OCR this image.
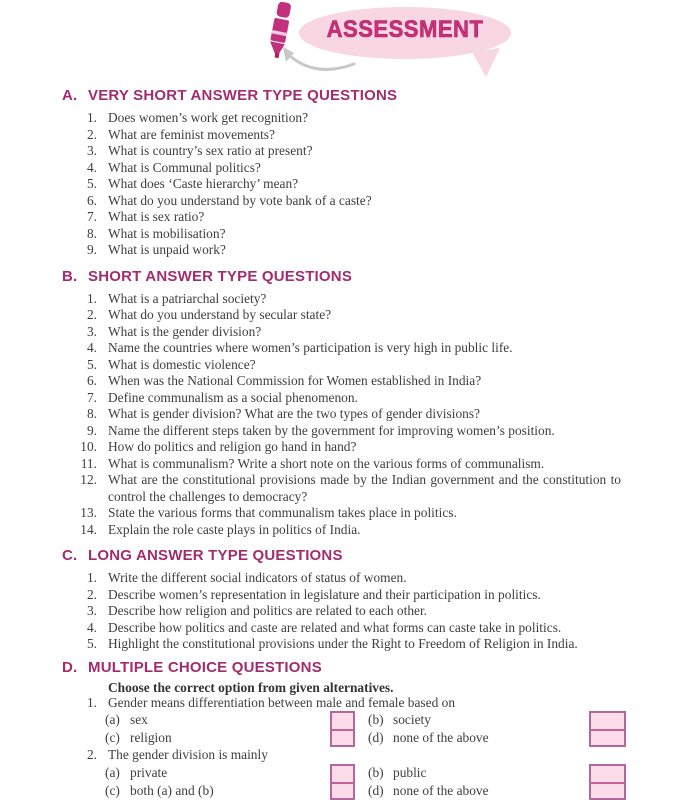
ASSESSMENT
A. VERY SHORT ANSWER TYPE QUESTIONS
Does women’s work get recognition?
What are feminist movements?
What is country’s sex ratio at present?
What is Communal politics?
What does ‘Caste hierarchy’ mean?
What do you understand by vote bank of a caste?
What is sex ratio?
What is mobilisation?
What is unpaid work?
B. SHORT ANSWER TYPE QUESTIONS
What is a patriarchal society?
What do you understand by secular state?
What is the gender division?
Name the countries where women’s participation is very high in public life.
What is domestic violence?
When was the National Commission for Women established in India?
Define communalism as a social phenomenon.
What is gender division? What are the two types of gender divisions?
Name the different steps taken by the government for improving women’s position.
How do politics and religion go hand in hand?
What is communalism? Write a short note on the various forms of communalism.
What are the constitutional provisions made by the Indian government and the constitution to control the challenges to democracy?
State the various forms that communalism takes place in politics.
Explain the role caste plays in politics of India.
C. LONG ANSWER TYPE QUESTIONS
Write the different social indicators of status of women.
Describe women’s representation in legislature and their participation in politics.
Describe how religion and politics are related to each other.
Describe how politics and caste are related and what forms can caste take in politics.
Highlight the constitutional provisions under the Right to Freedom of Religion in India.
D. MULTIPLE CHOICE QUESTIONS
Choose the correct option from given alternatives.
Gender means differentiation between male and female based on
(a) sex	(b) society
(c) religion	(d) none of the above
The gender division is mainly
(a) private	(b) public
(c) both (a) and (b)	(d) none of the above
